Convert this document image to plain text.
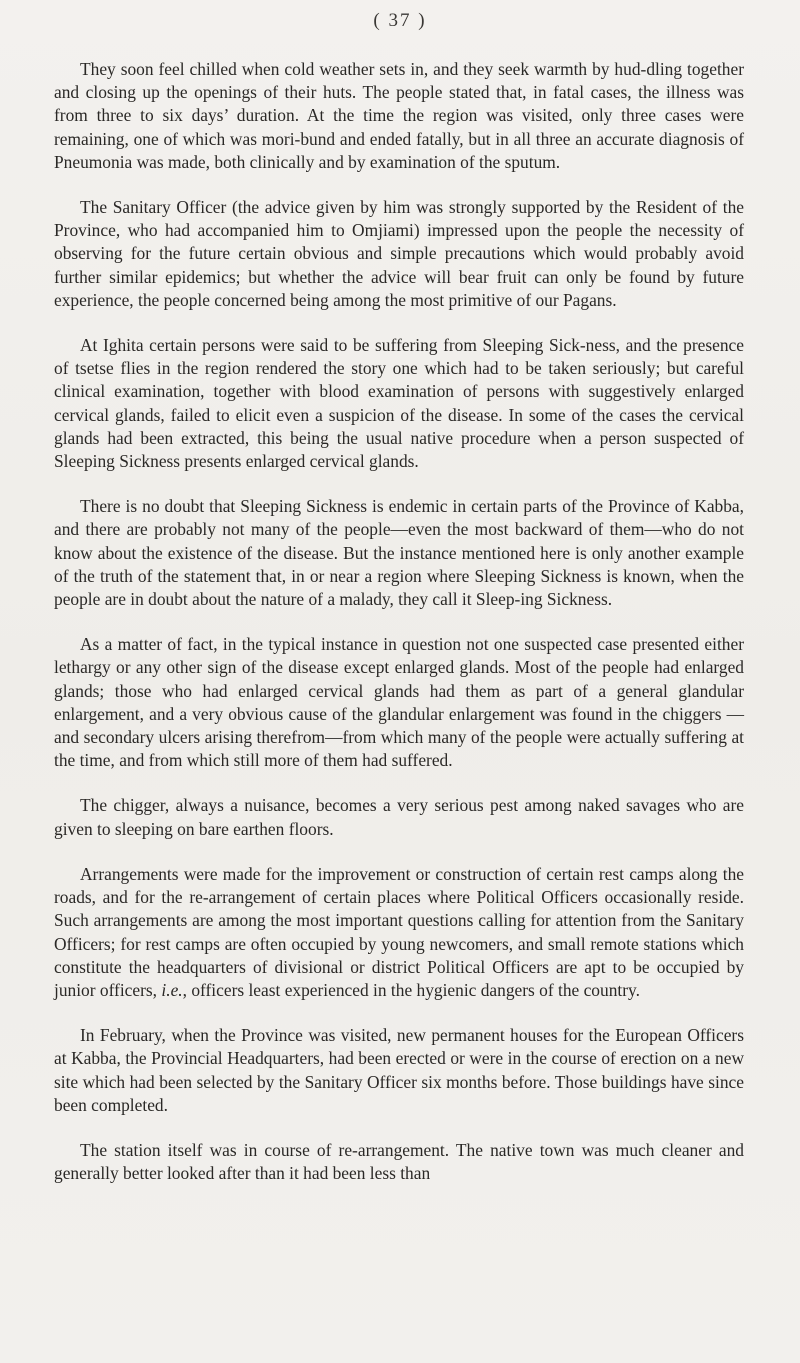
( 37 )

They soon feel chilled when cold weather sets in, and they seek warmth by hud-dling together and closing up the openings of their huts. The people stated that, in fatal cases, the illness was from three to six days’ duration. At the time the region was visited, only three cases were remaining, one of which was mori-bund and ended fatally, but in all three an accurate diagnosis of Pneumonia was made, both clinically and by examination of the sputum.

The Sanitary Officer (the advice given by him was strongly supported by the Resident of the Province, who had accompanied him to Omjiami) impressed upon the people the necessity of observing for the future certain obvious and simple precautions which would probably avoid further similar epidemics; but whether the advice will bear fruit can only be found by future experience, the people concerned being among the most primitive of our Pagans.

At Ighita certain persons were said to be suffering from Sleeping Sick-ness, and the presence of tsetse flies in the region rendered the story one which had to be taken seriously; but careful clinical examination, together with blood examination of persons with suggestively enlarged cervical glands, failed to elicit even a suspicion of the disease. In some of the cases the cervical glands had been extracted, this being the usual native procedure when a person suspected of Sleeping Sickness presents enlarged cervical glands.

There is no doubt that Sleeping Sickness is endemic in certain parts of the Province of Kabba, and there are probably not many of the people—even the most backward of them—who do not know about the existence of the disease. But the instance mentioned here is only another example of the truth of the statement that, in or near a region where Sleeping Sickness is known, when the people are in doubt about the nature of a malady, they call it Sleep-ing Sickness.

As a matter of fact, in the typical instance in question not one suspected case presented either lethargy or any other sign of the disease except enlarged glands. Most of the people had enlarged glands; those who had enlarged cervical glands had them as part of a general glandular enlargement, and a very obvious cause of the glandular enlargement was found in the chiggers —and secondary ulcers arising therefrom—from which many of the people were actually suffering at the time, and from which still more of them had suffered.

The chigger, always a nuisance, becomes a very serious pest among naked savages who are given to sleeping on bare earthen floors.

Arrangements were made for the improvement or construction of certain rest camps along the roads, and for the re-arrangement of certain places where Political Officers occasionally reside. Such arrangements are among the most important questions calling for attention from the Sanitary Officers; for rest camps are often occupied by young newcomers, and small remote stations which constitute the headquarters of divisional or district Political Officers are apt to be occupied by junior officers, i.e., officers least experienced in the hygienic dangers of the country.

In February, when the Province was visited, new permanent houses for the European Officers at Kabba, the Provincial Headquarters, had been erected or were in the course of erection on a new site which had been selected by the Sanitary Officer six months before. Those buildings have since been completed.

The station itself was in course of re-arrangement. The native town was much cleaner and generally better looked after than it had been less than
